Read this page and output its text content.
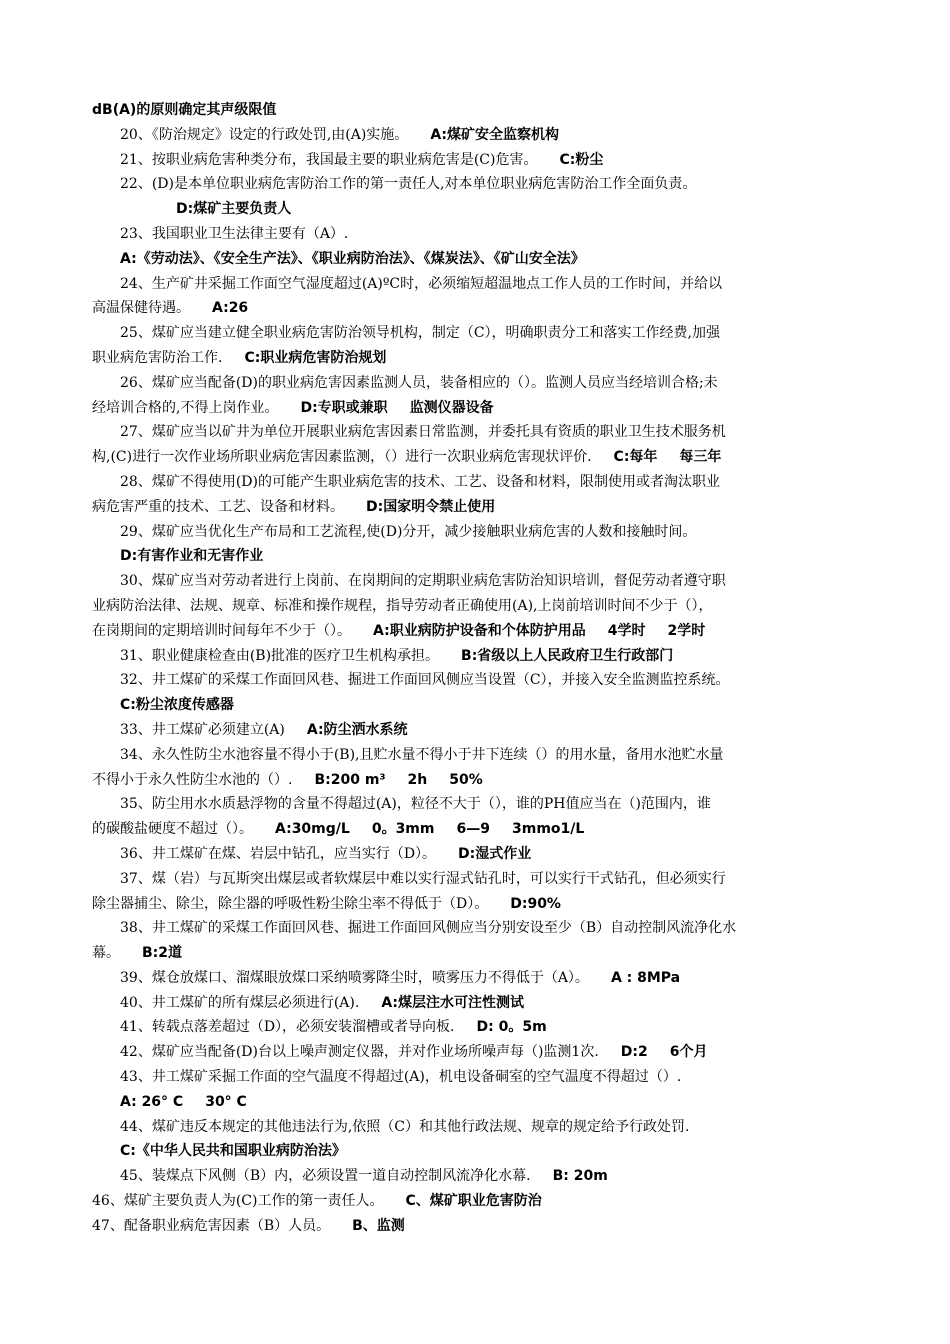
dB(A)的原则确定其声级限值
20、《防治规定》设定的行政处罚,由(A)实施。 A:煤矿安全监察机构
21、按职业病危害种类分布，我国最主要的职业病危害是(C)危害。 C:粉尘
22、(D)是本单位职业病危害防治工作的第一责任人,对本单位职业病危害防治工作全面负责。
D:煤矿主要负责人
23、我国职业卫生法律主要有（A）.
A:《劳动法》、《安全生产法》、《职业病防治法》、《煤炭法》、《矿山安全法》
24、生产矿井采掘工作面空气湿度超过(A)ºC时，必须缩短超温地点工作人员的工作时间，并给以
高温保健待遇。 A:26
25、煤矿应当建立健全职业病危害防治领导机构，制定（C），明确职责分工和落实工作经费,加强
职业病危害防治工作. C:职业病危害防治规划
26、煤矿应当配备(D)的职业病危害因素监测人员，装备相应的（）。监测人员应当经培训合格;未
经培训合格的,不得上岗作业。 D:专职或兼职 监测仪器设备
27、煤矿应当以矿井为单位开展职业病危害因素日常监测，并委托具有资质的职业卫生技术服务机
构,(C)进行一次作业场所职业病危害因素监测，（）进行一次职业病危害现状评价. C:每年 每三年
28、煤矿不得使用(D)的可能产生职业病危害的技术、工艺、设备和材料，限制使用或者淘汰职业
病危害严重的技术、工艺、设备和材料。 D:国家明令禁止使用
29、煤矿应当优化生产布局和工艺流程,使(D)分开，减少接触职业病危害的人数和接触时间。
D:有害作业和无害作业
30、煤矿应当对劳动者进行上岗前、在岗期间的定期职业病危害防治知识培训，督促劳动者遵守职
业病防治法律、法规、规章、标准和操作规程，指导劳动者正确使用(A),上岗前培训时间不少于（），
在岗期间的定期培训时间每年不少于（）。 A:职业病防护设备和个体防护用品 4学时 2学时
31、职业健康检查由(B)批准的医疗卫生机构承担。 B:省级以上人民政府卫生行政部门
32、井工煤矿的采煤工作面回风巷、掘进工作面回风侧应当设置（C），并接入安全监测监控系统。
C:粉尘浓度传感器
33、井工煤矿必须建立(A) A:防尘洒水系统
34、永久性防尘水池容量不得小于(B),且贮水量不得小于井下连续（）的用水量，备用水池贮水量
不得小于永久性防尘水池的（）. B:200 m³ 2h 50%
35、防尘用水水质悬浮物的含量不得超过(A)，粒径不大于（），谁的PH值应当在（)范围内，谁
的碳酸盐硬度不超过（）。 A:30mg/L 0。3mm 6—9 3mmo1/L
36、井工煤矿在煤、岩层中钻孔，应当实行（D）。 D:湿式作业
37、煤（岩）与瓦斯突出煤层或者软煤层中难以实行湿式钻孔时，可以实行干式钻孔，但必须实行
除尘器捕尘、除尘，除尘器的呼吸性粉尘除尘率不得低于（D）。 D:90%
38、井工煤矿的采煤工作面回风巷、掘进工作面回风侧应当分别安设至少（B）自动控制风流净化水
幕。 B:2道
39、煤仓放煤口、溜煤眼放煤口采纳喷雾降尘时，喷雾压力不得低于（A）。 A : 8MPa
40、井工煤矿的所有煤层必须进行(A). A:煤层注水可注性测试
41、转载点落差超过（D），必须安装溜槽或者导向板. D: 0。5m
42、煤矿应当配备(D)台以上噪声测定仪器，并对作业场所噪声每（)监测1次. D:2 6个月
43、井工煤矿采掘工作面的空气温度不得超过(A)，机电设备硐室的空气温度不得超过（）.
A: 26° C 30° C
44、煤矿违反本规定的其他违法行为,依照（C）和其他行政法规、规章的规定给予行政处罚.
C:《中华人民共和国职业病防治法》
45、装煤点下风侧（B）内，必须设置一道自动控制风流净化水幕. B: 20m
46、煤矿主要负责人为(C)工作的第一责任人。 C、煤矿职业危害防治
47、配备职业病危害因素（B）人员。 B、监测
